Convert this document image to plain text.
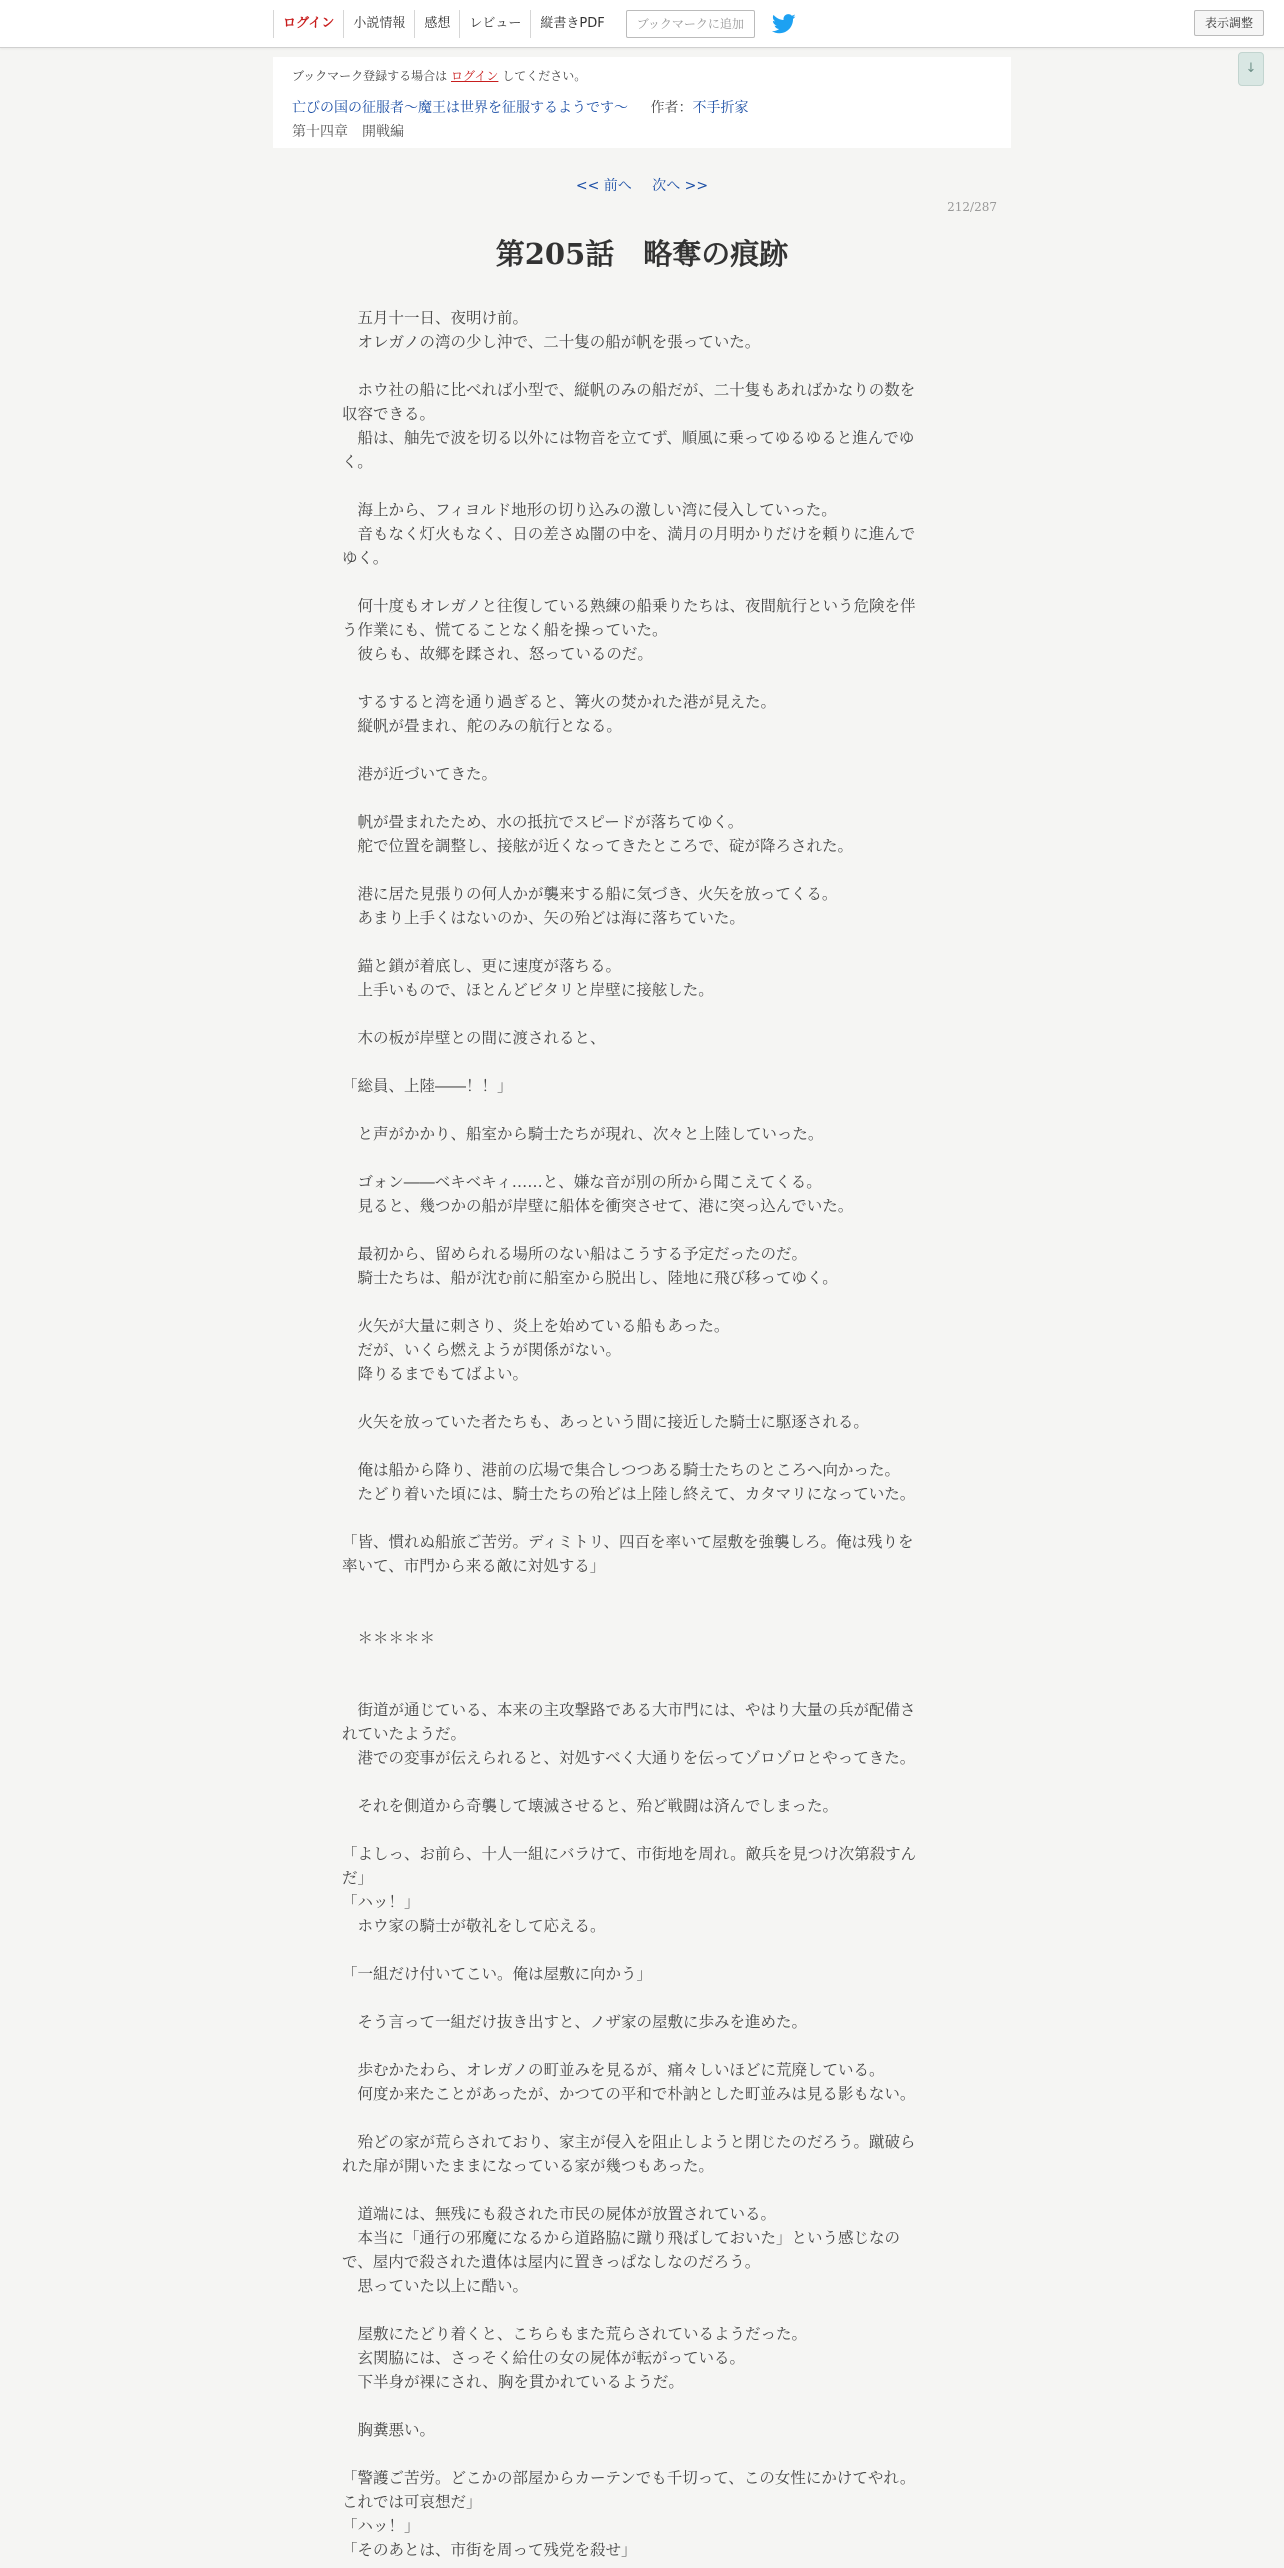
ログイン	小説情報	感想	レビュー	縦書きPDF	ブックマークに追加	表示調整
↓
ブックマーク登録する場合は ログイン してください。
亡びの国の征服者～魔王は世界を征服するようです～ 作者：不手折家
第十四章　開戦編
<< 前へ 次へ >>
212/287
第205話　略奪の痕跡

　五月十一日、夜明け前。

　オレガノの湾の少し沖で、二十隻の船が帆を張っていた。

　ホウ社の船に比べれば小型で、縦帆のみの船だが、二十隻もあればかなりの数を

収容できる。

　船は、舳先で波を切る以外には物音を立てず、順風に乗ってゆるゆると進んでゆ

く。

　海上から、フィヨルド地形の切り込みの激しい湾に侵入していった。

　音もなく灯火もなく、日の差さぬ闇の中を、満月の月明かりだけを頼りに進んで

ゆく。

　何十度もオレガノと往復している熟練の船乗りたちは、夜間航行という危険を伴

う作業にも、慌てることなく船を操っていた。

　彼らも、故郷を蹂され、怒っているのだ。

　するすると湾を通り過ぎると、篝火の焚かれた港が見えた。

　縦帆が畳まれ、舵のみの航行となる。

　港が近づいてきた。

　帆が畳まれたため、水の抵抗でスピードが落ちてゆく。

　舵で位置を調整し、接舷が近くなってきたところで、碇が降ろされた。

　港に居た見張りの何人かが襲来する船に気づき、火矢を放ってくる。

　あまり上手くはないのか、矢の殆どは海に落ちていた。

　錨と鎖が着底し、更に速度が落ちる。

　上手いもので、ほとんどピタリと岸壁に接舷した。

　木の板が岸壁との間に渡されると、

「総員、上陸――！！」

　と声がかかり、船室から騎士たちが現れ、次々と上陸していった。

　ゴォン――ベキベキィ……と、嫌な音が別の所から聞こえてくる。

　見ると、幾つかの船が岸壁に船体を衝突させて、港に突っ込んでいた。

　最初から、留められる場所のない船はこうする予定だったのだ。

　騎士たちは、船が沈む前に船室から脱出し、陸地に飛び移ってゆく。

　火矢が大量に刺さり、炎上を始めている船もあった。

　だが、いくら燃えようが関係がない。

　降りるまでもてばよい。

　火矢を放っていた者たちも、あっという間に接近した騎士に駆逐される。

　俺は船から降り、港前の広場で集合しつつある騎士たちのところへ向かった。

　たどり着いた頃には、騎士たちの殆どは上陸し終えて、カタマリになっていた。

「皆、慣れぬ船旅ご苦労。ディミトリ、四百を率いて屋敷を強襲しろ。俺は残りを

率いて、市門から来る敵に対処する」

　＊＊＊＊＊

　街道が通じている、本来の主攻撃路である大市門には、やはり大量の兵が配備さ

れていたようだ。

　港での変事が伝えられると、対処すべく大通りを伝ってゾロゾロとやってきた。

　それを側道から奇襲して壊滅させると、殆ど戦闘は済んでしまった。

「よしっ、お前ら、十人一組にバラけて、市街地を周れ。敵兵を見つけ次第殺すん

だ」

「ハッ！」

　ホウ家の騎士が敬礼をして応える。

「一組だけ付いてこい。俺は屋敷に向かう」

　そう言って一組だけ抜き出すと、ノザ家の屋敷に歩みを進めた。

　歩むかたわら、オレガノの町並みを見るが、痛々しいほどに荒廃している。

　何度か来たことがあったが、かつての平和で朴訥とした町並みは見る影もない。

　殆どの家が荒らされており、家主が侵入を阻止しようと閉じたのだろう。蹴破ら

れた扉が開いたままになっている家が幾つもあった。

　道端には、無残にも殺された市民の屍体が放置されている。

　本当に「通行の邪魔になるから道路脇に蹴り飛ばしておいた」という感じなの

で、屋内で殺された遺体は屋内に置きっぱなしなのだろう。

　思っていた以上に酷い。

　屋敷にたどり着くと、こちらもまた荒らされているようだった。

　玄関脇には、さっそく給仕の女の屍体が転がっている。

　下半身が裸にされ、胸を貫かれているようだ。

　胸糞悪い。

「警護ご苦労。どこかの部屋からカーテンでも千切って、この女性にかけてやれ。

これでは可哀想だ」

「ハッ！」

「そのあとは、市街を周って残党を殺せ」
